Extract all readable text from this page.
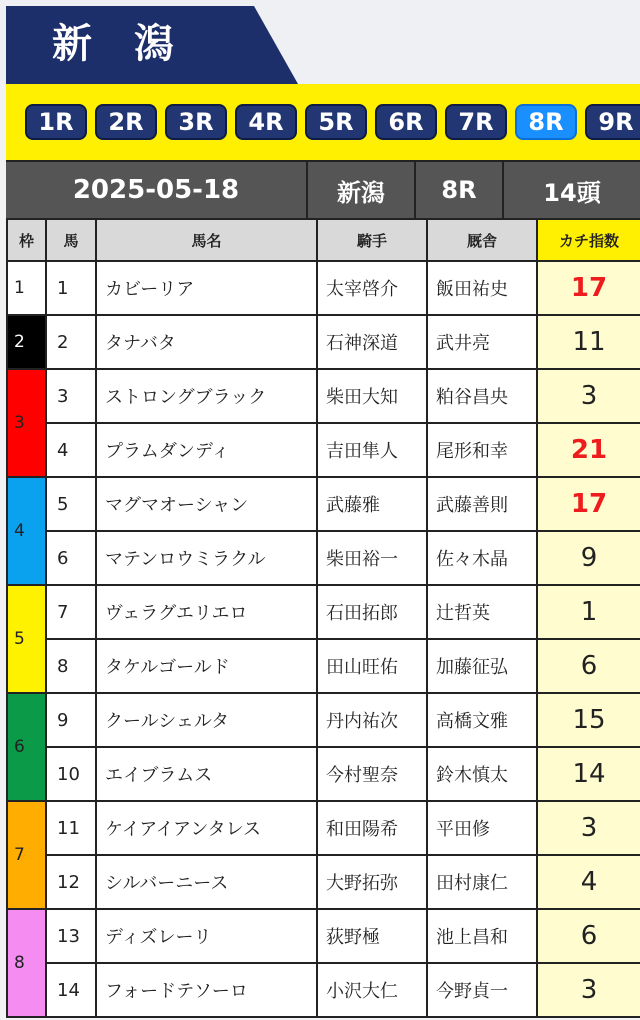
新潟
1R	2R	3R	4R	5R	6R	7R	8R	9R
2025-05-18	新潟	8R	14頭
枠	馬	馬名	騎手	厩舎	カチ指数
1	1	カビーリア	太宰啓介	飯田祐史	17
2	2	タナバタ	石神深道	武井亮	11
3	3	ストロングブラック	柴田大知	粕谷昌央	3
	4	プラムダンディ	吉田隼人	尾形和幸	21
4	5	マグマオーシャン	武藤雅	武藤善則	17
	6	マテンロウミラクル	柴田裕一	佐々木晶	9
5	7	ヴェラグエリエロ	石田拓郎	辻哲英	1
	8	タケルゴールド	田山旺佑	加藤征弘	6
6	9	クールシェルタ	丹内祐次	高橋文雅	15
	10	エイブラムス	今村聖奈	鈴木慎太	14
7	11	ケイアイアンタレス	和田陽希	平田修	3
	12	シルバーニース	大野拓弥	田村康仁	4
8	13	ディズレーリ	荻野極	池上昌和	6
	14	フォードテソーロ	小沢大仁	今野貞一	3
